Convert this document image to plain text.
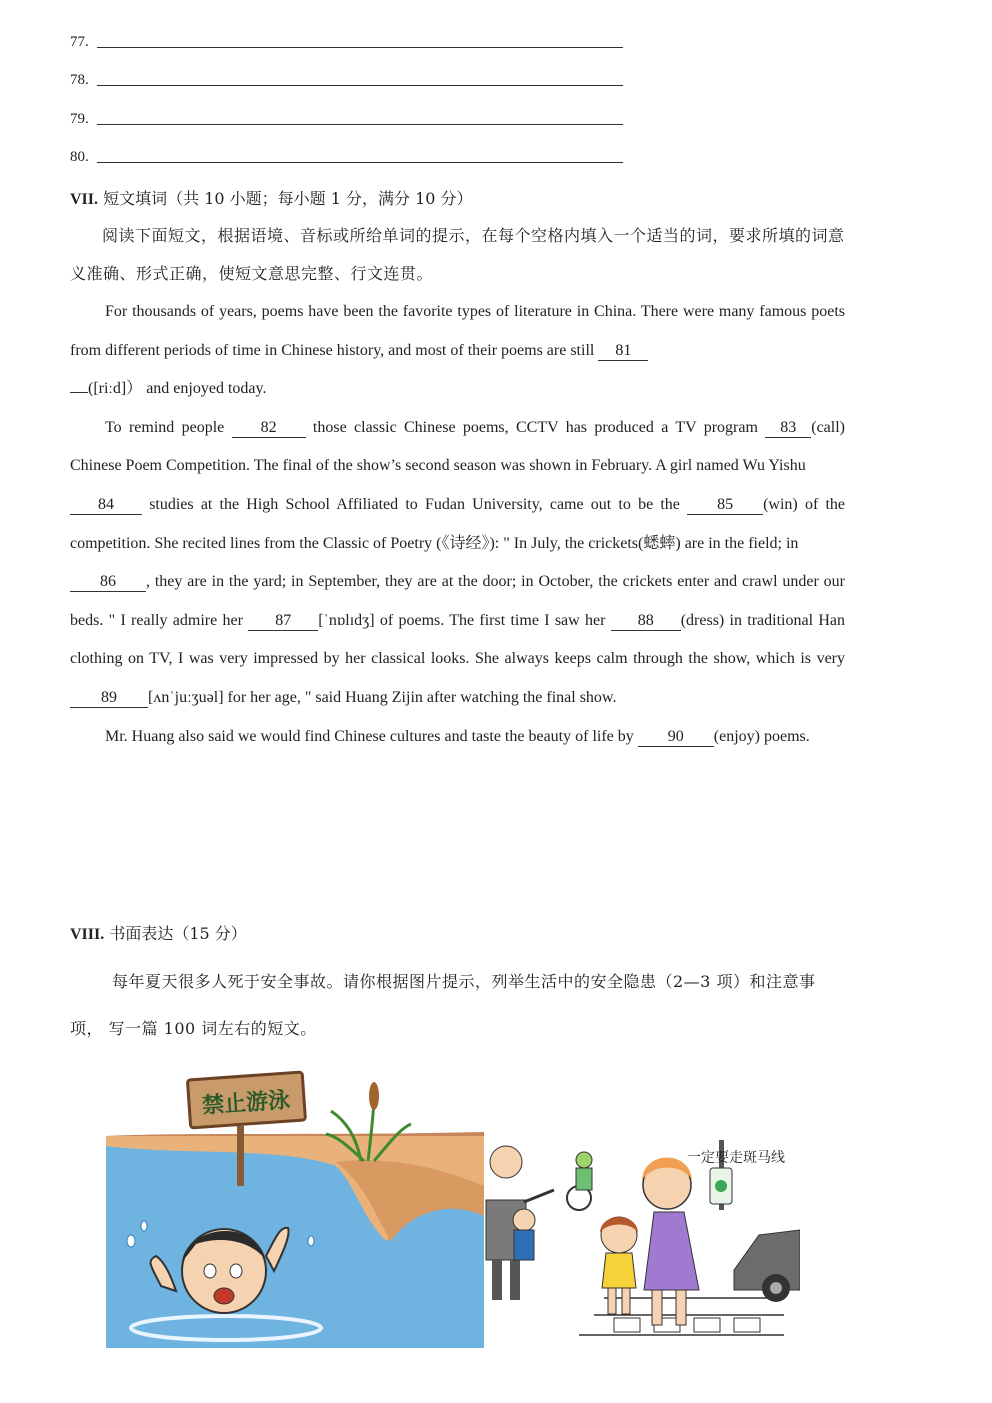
77.
78.
79.
80.
VII. 短文填词（共 10 小题；每小题 1 分，满分 10 分）
阅读下面短文，根据语境、音标或所给单词的提示，在每个空格内填入一个适当的词，要求所填的词意义准确、形式正确，使短文意思完整、行文连贯。

For thousands of years, poems have been the favorite types of literature in China. There were many famous poets from different periods of time in Chinese history, and most of their poems are still 81
([riːd]） and enjoyed today.

To remind people 82 those classic Chinese poems, CCTV has produced a TV program 83 (call) Chinese Poem Competition. The final of the show’s second season was shown in February. A girl named Wu Yishu

84 studies at the High School Affiliated to Fudan University, came out to be the 85 (win) of the competition. She recited lines from the Classic of Poetry (《诗经》): " In July, the crickets(蟋蟀) are in the field; in

86 , they are in the yard; in September, they are at the door; in October, the crickets enter and crawl under our beds. " I really admire her 87 [ˈnɒlɪdʒ] of poems. The first time I saw her 88 (dress) in traditional Han clothing on TV, I was very impressed by her classical looks. She always keeps calm through the show, which is very 89 [ʌnˈjuːʒuəl] for her age, " said Huang Zijin after watching the final show.

Mr. Huang also said we would find Chinese cultures and taste the beauty of life by 90 (enjoy) poems.

VIII. 书面表达（15 分）
每年夏天很多人死于安全事故。请你根据图片提示，列举生活中的安全隐患（2—3 项）和注意事项， 写一篇 100 词左右的短文。
禁止游泳
一定要走斑马线
